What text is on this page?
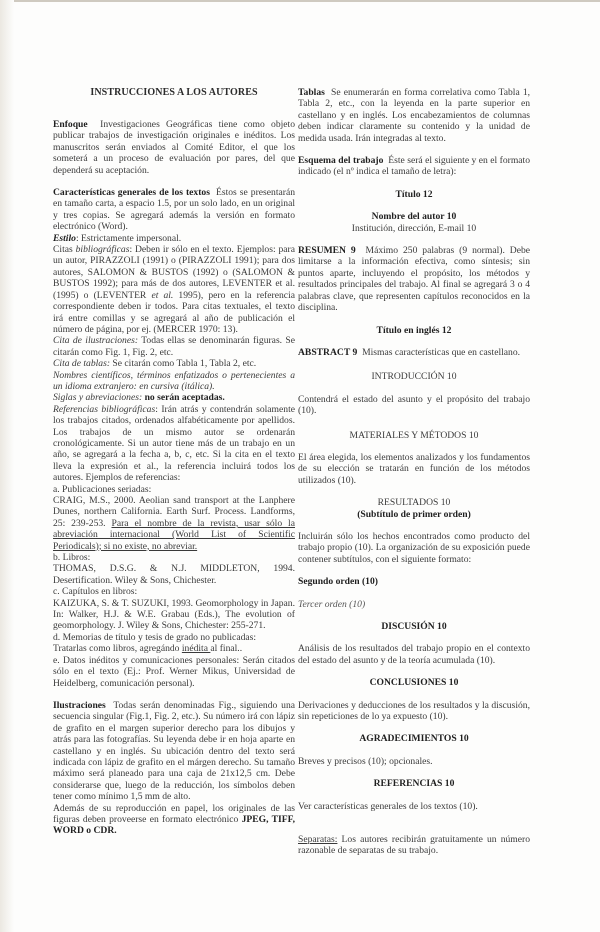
INSTRUCCIONES A LOS AUTORES

Enfoque Investigaciones Geográficas tiene como objeto publicar trabajos de investigación originales e inéditos. Los manuscritos serán enviados al Comité Editor, el que los someterá a un proceso de evaluación por pares, del que dependerá su aceptación.

Características generales de los textos Éstos se presentarán en tamaño carta, a espacio 1.5, por un solo lado, en un original y tres copias. Se agregará además la versión en formato electrónico (Word).

Estilo: Estrictamente impersonal.

Citas bibliográficas: Deben ir sólo en el texto. Ejemplos: para un autor, PIRAZZOLI (1991) o (PIRAZZOLI 1991); para dos autores, SALOMON & BUSTOS (1992) o (SALOMON & BUSTOS 1992); para más de dos autores, LEVENTER et al. (1995) o (LEVENTER et al. 1995), pero en la referencia correspondiente deben ir todos. Para citas textuales, el texto irá entre comillas y se agregará al año de publicación el número de página, por ej. (MERCER 1970: 13).

Cita de ilustraciones: Todas ellas se denominarán figuras. Se citarán como Fig. 1, Fig. 2, etc.

Cita de tablas: Se citarán como Tabla 1, Tabla 2, etc.

Nombres científicos, términos enfatizados o pertenecientes a un idioma extranjero: en cursiva (itálica).

Siglas y abreviaciones: no serán aceptadas.

Referencias bibliográficas: Irán atrás y contendrán solamente los trabajos citados, ordenados alfabéticamente por apellidos. Los trabajos de un mismo autor se ordenarán cronológicamente. Si un autor tiene más de un trabajo en un año, se agregará a la fecha a, b, c, etc. Si la cita en el texto lleva la expresión et al., la referencia incluirá todos los autores. Ejemplos de referencias:

a. Publicaciones seriadas:

CRAIG, M.S., 2000. Aeolian sand transport at the Lanphere Dunes, northern California. Earth Surf. Process. Landforms, 25: 239-253. Para el nombre de la revista, usar sólo la abreviación internacional (World List of Scientific Periodicals); si no existe, no abreviar.

b. Libros:

THOMAS, D.S.G. & N.J. MIDDLETON, 1994. Desertification. Wiley & Sons, Chichester.

c. Capítulos en libros:

KAIZUKA, S. & T. SUZUKI, 1993. Geomorphology in Japan. In: Walker, H.J. & W.E. Grabau (Eds.), The evolution of geomorphology. J. Wiley & Sons, Chichester: 255-271.

d. Memorias de título y tesis de grado no publicadas:

Tratarlas como libros, agregándo inédita al final..

e. Datos inéditos y comunicaciones personales: Serán citados sólo en el texto (Ej.: Prof. Werner Mikus, Universidad de Heidelberg, comunicación personal).

Ilustraciones Todas serán denominadas Fig., siguiendo una secuencia singular (Fig.1, Fig. 2, etc.). Su número irá con lápiz de grafito en el margen superior derecho para los dibujos y atrás para las fotografías. Su leyenda debe ir en hoja aparte en castellano y en inglés. Su ubicación dentro del texto será indicada con lápiz de grafito en el márgen derecho. Su tamaño máximo será planeado para una caja de 21x12,5 cm. Debe considerarse que, luego de la reducción, los símbolos deben tener como mínimo 1,5 mm de alto.

Además de su reproducción en papel, los originales de las figuras deben proveerse en formato electrónico JPEG, TIFF, WORD o CDR.

Tablas Se enumerarán en forma correlativa como Tabla 1, Tabla 2, etc., con la leyenda en la parte superior en castellano y en inglés. Los encabezamientos de columnas deben indicar claramente su contenido y la unidad de medida usada. Irán integradas al texto.

Esquema del trabajo Éste será el siguiente y en el formato indicado (el nº indica el tamaño de letra):

Título 12

Nombre del autor 10

Institución, dirección, E-mail 10

RESUMEN 9 Máximo 250 palabras (9 normal). Debe limitarse a la información efectiva, como síntesis; sin puntos aparte, incluyendo el propósito, los métodos y resultados principales del trabajo. Al final se agregará 3 o 4 palabras clave, que representen capítulos reconocidos en la disciplina.

Título en inglés 12

ABSTRACT 9 Mismas características que en castellano.

INTRODUCCIÓN 10

Contendrá el estado del asunto y el propósito del trabajo (10).

MATERIALES Y MÉTODOS 10

El área elegida, los elementos analizados y los fundamentos de su elección se tratarán en función de los métodos utilizados (10).

RESULTADOS 10

(Subtítulo de primer orden)

Incluirán sólo los hechos encontrados como producto del trabajo propio (10). La organización de su exposición puede contener subtítulos, con el siguiente formato:

Segundo orden (10)

Tercer orden (10)

DISCUSIÓN 10

Análisis de los resultados del trabajo propio en el contexto del estado del asunto y de la teoría acumulada (10).

CONCLUSIONES 10

Derivaciones y deducciones de los resultados y la discusión, sin repeticiones de lo ya expuesto (10).

AGRADECIMIENTOS 10

Breves y precisos (10); opcionales.

REFERENCIAS 10

Ver características generales de los textos (10).

Separatas: Los autores recibirán gratuitamente un número razonable de separatas de su trabajo.
